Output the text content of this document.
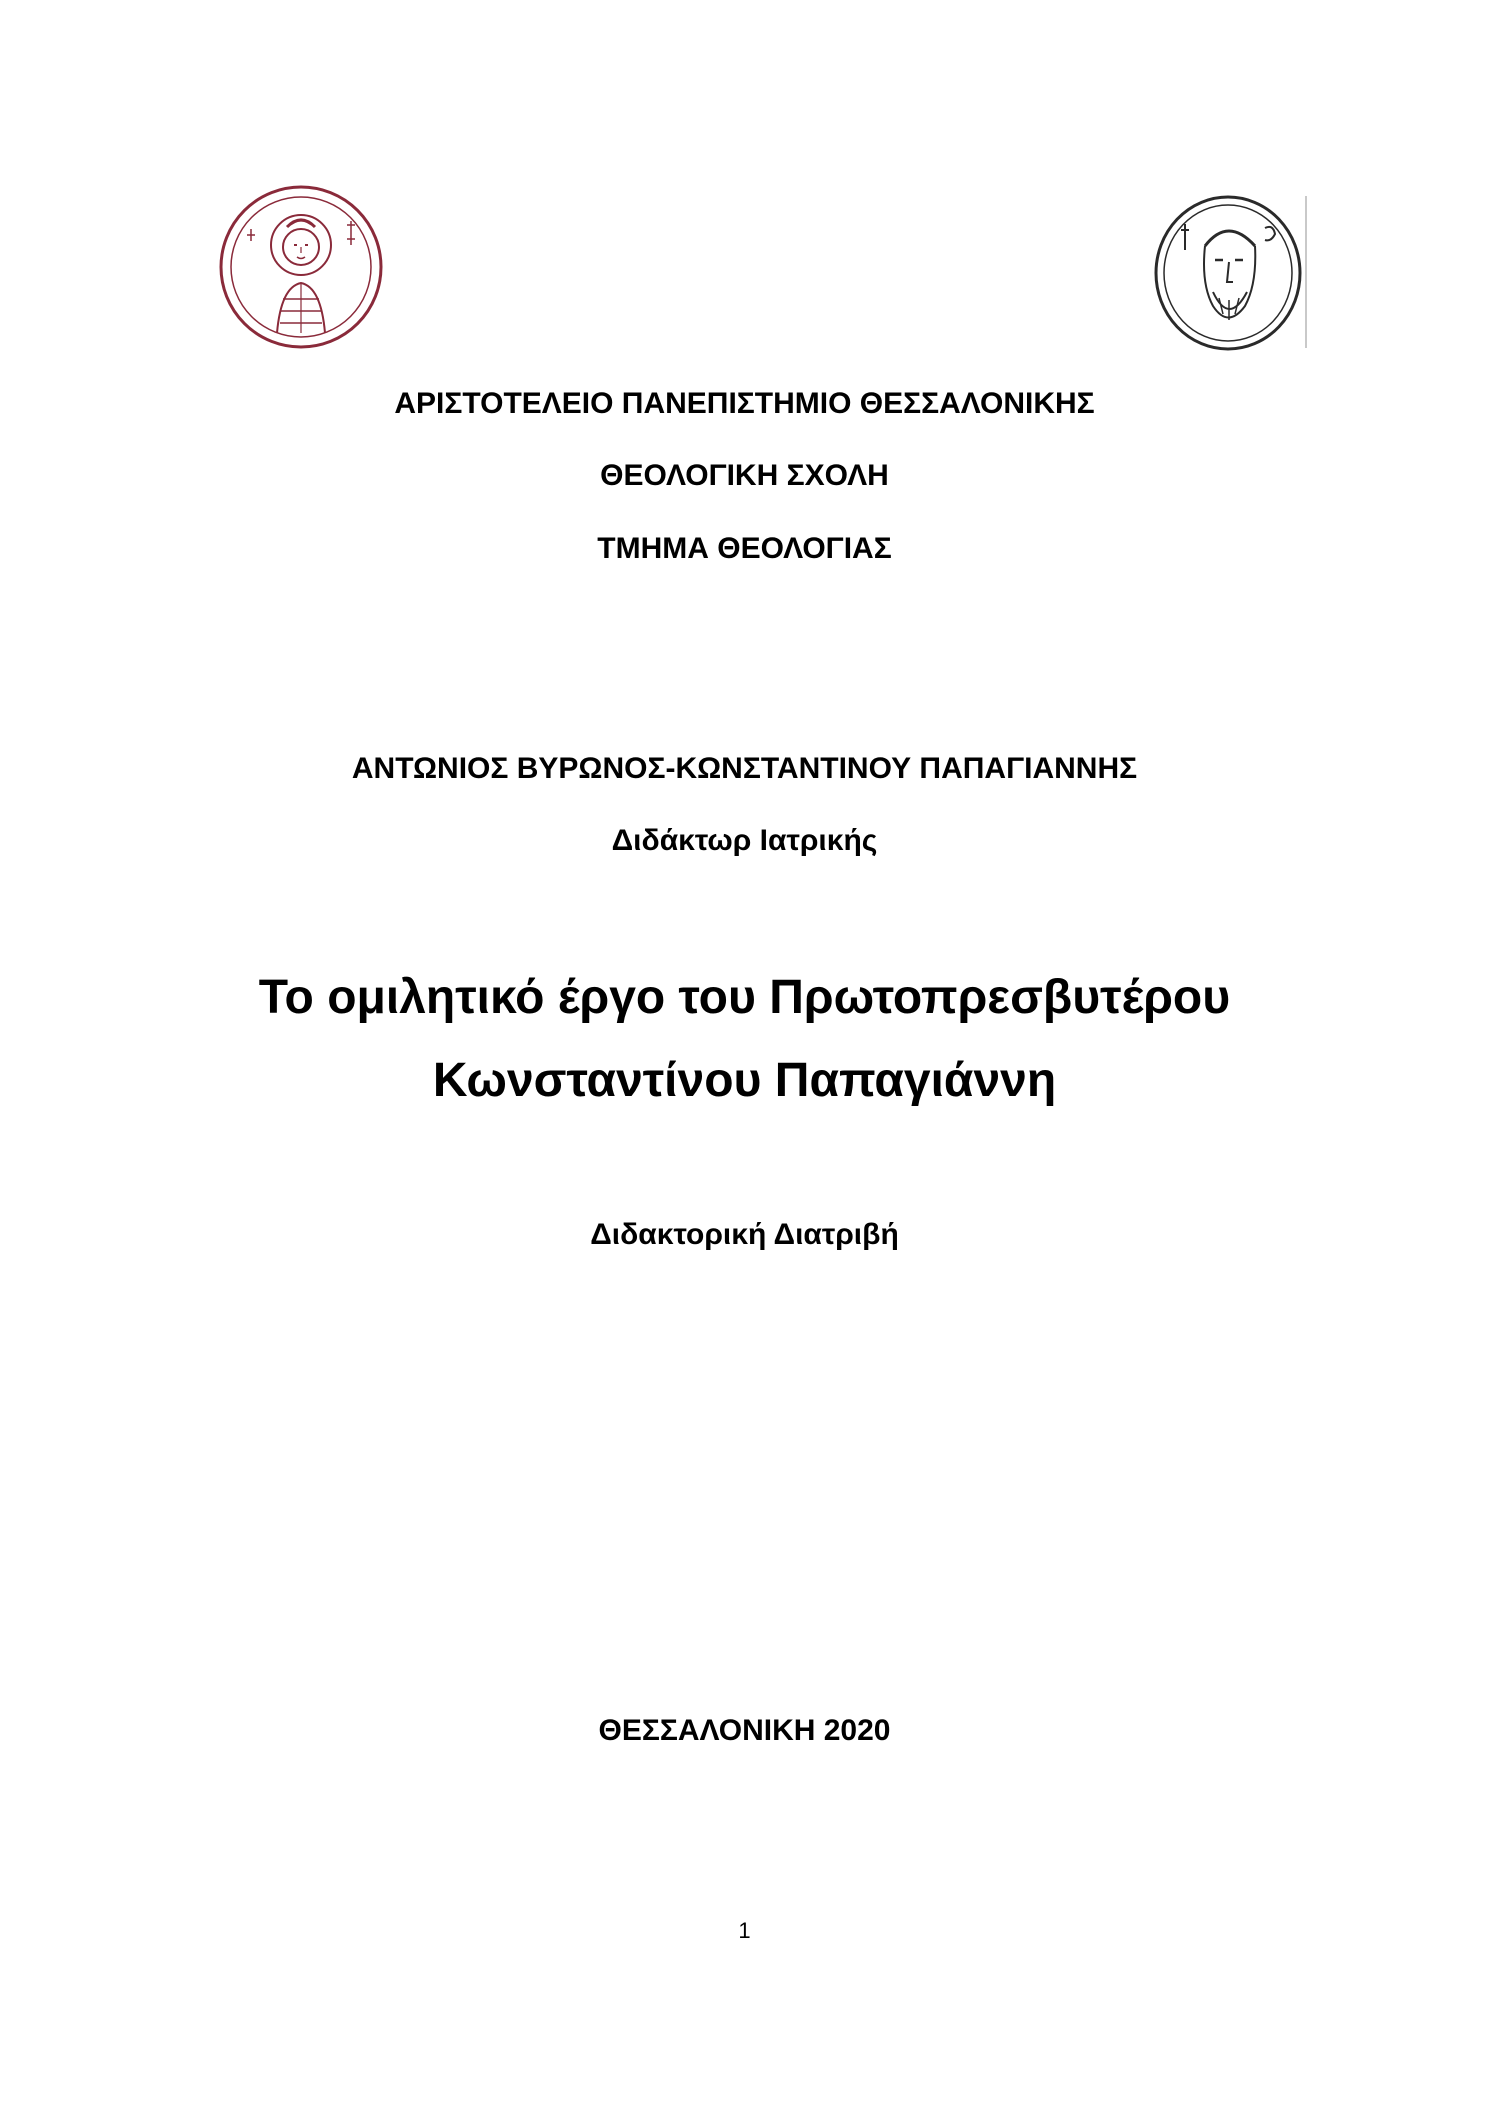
ΑΡΙΣΤΟΤΕΛΕΙΟ ΠΑΝΕΠΙΣΤΗΜΙΟ ΘΕΣΣΑΛΟΝΙΚΗΣ
ΘΕΟΛΟΓΙΚΗ ΣΧΟΛΗ
ΤΜΗΜΑ ΘΕΟΛΟΓΙΑΣ
ΑΝΤΩΝΙΟΣ ΒΥΡΩΝΟΣ-ΚΩΝΣΤΑΝΤΙΝΟΥ ΠΑΠΑΓΙΑΝΝΗΣ
Διδάκτωρ Ιατρικής
Το ομιλητικό έργο του Πρωτοπρεσβυτέρου
Κωνσταντίνου Παπαγιάννη
Διδακτορική Διατριβή
ΘΕΣΣΑΛΟΝΙΚΗ 2020
1
